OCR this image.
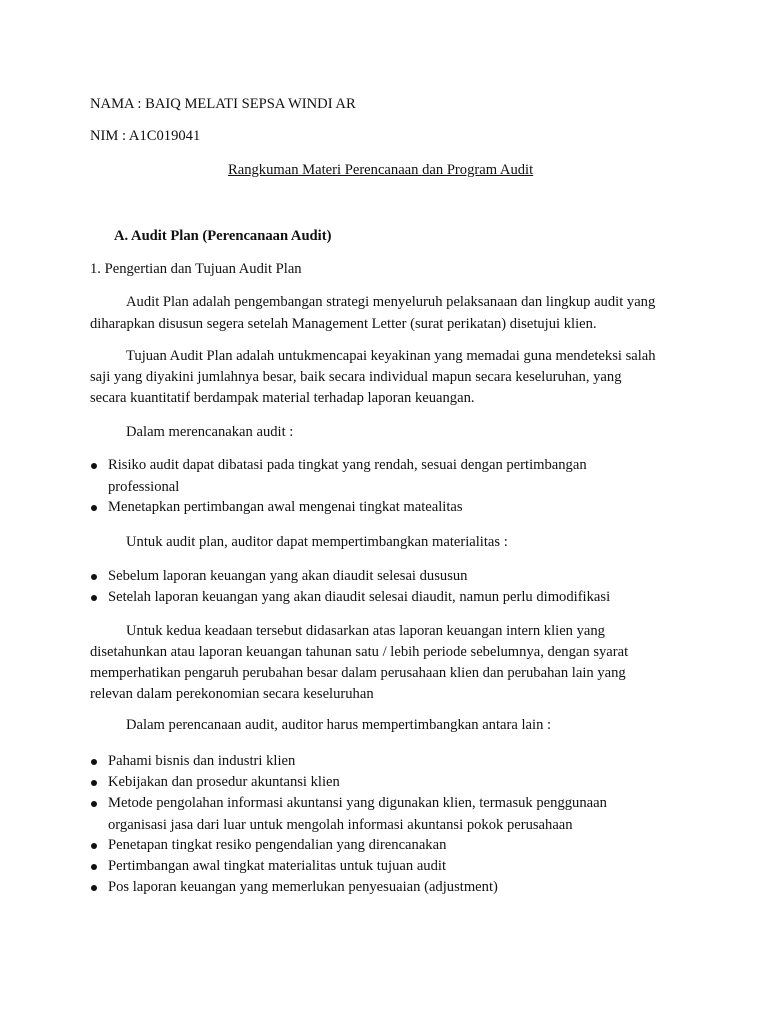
NAMA : BAIQ MELATI SEPSA WINDI AR
NIM : A1C019041
Rangkuman Materi Perencanaan dan Program Audit
A. Audit Plan (Perencanaan Audit)
1. Pengertian dan Tujuan Audit Plan
Audit Plan adalah pengembangan strategi menyeluruh pelaksanaan dan lingkup audit yang
diharapkan disusun segera setelah Management Letter (surat perikatan) disetujui klien.
Tujuan Audit Plan adalah untukmencapai keyakinan yang memadai guna mendeteksi salah
saji yang diyakini jumlahnya besar, baik secara individual mapun secara keseluruhan, yang
secara kuantitatif berdampak material terhadap laporan keuangan.
Dalam merencanakan audit :
Risiko audit dapat dibatasi pada tingkat yang rendah, sesuai dengan pertimbangan
professional
Menetapkan pertimbangan awal mengenai tingkat matealitas
Untuk audit plan, auditor dapat mempertimbangkan materialitas :
Sebelum laporan keuangan yang akan diaudit selesai dususun
Setelah laporan keuangan yang akan diaudit selesai diaudit, namun perlu dimodifikasi
Untuk kedua keadaan tersebut didasarkan atas laporan keuangan intern klien yang
disetahunkan atau laporan keuangan tahunan satu / lebih periode sebelumnya, dengan syarat
memperhatikan pengaruh perubahan besar dalam perusahaan klien dan perubahan lain yang
relevan dalam perekonomian secara keseluruhan
Dalam perencanaan audit, auditor harus mempertimbangkan antara lain :
Pahami bisnis dan industri klien
Kebijakan dan prosedur akuntansi klien
Metode pengolahan informasi akuntansi yang digunakan klien, termasuk penggunaan
organisasi jasa dari luar untuk mengolah informasi akuntansi pokok perusahaan
Penetapan tingkat resiko pengendalian yang direncanakan
Pertimbangan awal tingkat materialitas untuk tujuan audit
Pos laporan keuangan yang memerlukan penyesuaian (adjustment)
